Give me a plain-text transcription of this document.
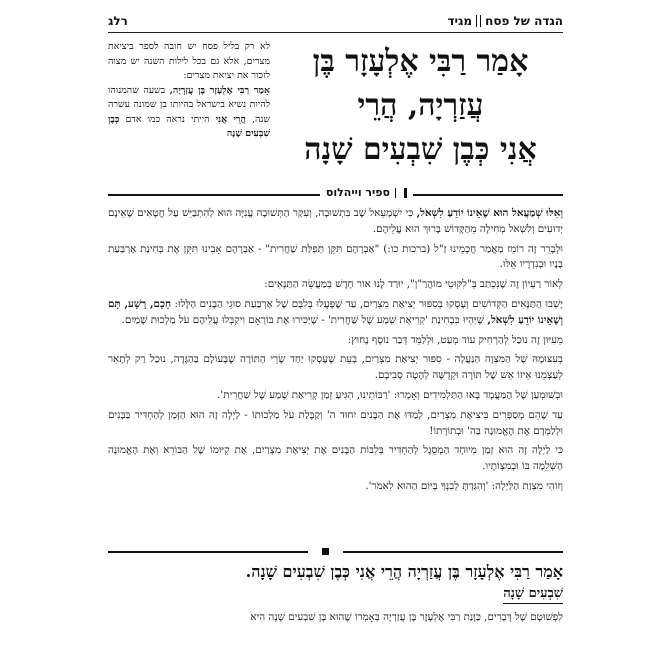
הגדה של פסח
מגיד
רלג
אָמַר רַבִּי אֶלְעָזָר בֶּן
עֲזַרְיָה, הֲרֵי
אֲנִי כְּבֶן שִׁבְעִים שָׁנָה

לא רק בליל פסח יש חובה לספר ביציאת מצרים, אלא גם בכל לילות השנה יש מצוה לזכור את יציאת מצרים:

אָמַר רַבִּי אֶלְעָזָר בֶּן עֲזַרְיָה, בשעה שהמנוהו להיות נשיא בישראל בהיותו בן שמונה עשרה שנה, הֲרֵי אֲנִי הייתי נראה כמו אדם כְּבֶן שִׁבְעִים שָׁנָה

ספיר וייהלוס

וְאִלּוּ שְׁמַעֲאל הוּא שֶׁאֵינוֹ יוֹדֵעַ לִשְׁאֹל, כִּי יִשְׁמָעֵאל שָׁב בִּתְשׁוּבָה, וְעִקַּר הַתְּשׁוּבָה עֲנִיָּה הוּא לְהִתְבַּיֵּשׁ עַל חֲטָאִים שֶׁאֵינָם יְדוּעִים וְלִשְׁאֹל מְחִילָה מֵהַקָּדוֹשׁ בָּרוּךְ הוּא עֲלֵיהֶם.

וּלְבָרֵר זֶה רוֹמֵז מַאֲמַר חֲכָמֵינוּ זַ"ל (ברכות כו:) "אַבְרָהָם תִּקֵּן תְּפִלַּת שַׁחֲרִית" - אַבְרָהָם אָבִינוּ תִּקֵּן אֶת בְּחִינַת אַרְבַּעַת בָּנָיו וּבְנִדְרָיו אֵלּוּ.

לְאוֹר רַעְיוֹן זֶה שֶׁנִּכְתַּב בְּ"לִקּוּטֵי מוֹהֲרַ"ן", יוּרַד לָנוּ אוֹר חָדָשׁ בְּמַעֲשֵׂה הַתַּנָּאִים:

יָשְׁבוּ הַתַּנָּאִים הַקְּדוֹשִׁים וְעָסְקוּ בְּסִפּוּר יְצִיאַת מִצְרַיִם, עַד שֶׁפָּעֲלוּ בְּלִבָּם שֶׁל אַרְבַּעַת סוּגֵי הַבָּנִים הַלָּלוּ: חָכָם, רָשָׁע, תָּם וְשֶׁאֵינוֹ יוֹדֵעַ לִשְׁאֹל, שֶׁיִּהְיוּ בִּבְחִינַת 'קְרִיאַת שְׁמַע שֶׁל שַׁחֲרִית' - שֶׁיַּכִּירוּ אֶת בּוֹרְאָם וִיקַבְּלוּ עֲלֵיהֶם עֹל מַלְכוּת שָׁמַיִם.

מֵעִיּוּן זֶה נוּכַל לְהַרְחִיק עוֹד מְעַט, וּלְלַמֵּד דְּבַר נוֹסָף נֶחוּץ:

בְּעִצּוּמָהּ שֶׁל הַמִּצְוָה הַנַּעֲלָה - סִפּוּר יְצִיאַת מִצְרַיִם, בְּעֵת שֶׁעָסְקוּ יַחַד שָׂרֵי הַתּוֹרָה שֶׁבָּעוֹלָם בַּהַגָּדָה, נוּכַל רַק לְתָאֵר לְעַצְמֵנוּ אֵיזוֹ אֵשׁ שֶׁל תּוֹרָה וּקְדֻשָּׁה לְהָטָה סְבִיבָם.

וּבְשׁוּמְעַן שֶׁל הַמַּעֲמָד בָּאוּ הַתַּלְמִידִים וְאָמְרוּ: 'רַבּוֹתֵינוּ, הִגִּיעַ זְמַן קְרִיאַת שְׁמַע שֶׁל שַׁחֲרִית'.

עַד שֶׁהֵם מְסַפְּרִים בִּיצִיאַת מִצְרַיִם, לְמַדּוּ אֶת הַבָּנִים יִחוּד ה' וְקַבָּלַת עֹל מַלְכוּתוֹ - לַיְלָה זֶה הוּא הַזְּמַן לְהַחְדִּיר בַּבָּנִים וּלְלַמְּדָם אֶת הָאֱמוּנָה בַּה' וּבְתוֹרָתוֹ!

כִּי לַיְלָה זֶה הוּא זְמַן מְיוּחָד הַמְסֻגָּל לְהַחְדִּיר בְּלִבּוֹת הַבָּנִים אֶת יְצִיאַת מִצְרַיִם, אֶת קִיּוּמוֹ שֶׁל הַבּוֹרֵא וְאֶת הָאֱמוּנָה הַשְּׁלֵמָה בּוֹ וּבְמִצְוֹתָיו.

וְזוֹהִי מִצְוַת הַלַּיְלָה: 'וְהִגַּדְתָּ לְבִנְךָ בַּיּוֹם הַהוּא לֵאמֹר'.

אָמַר רַבִּי אֶלְעָזָר בֶּן עֲזַרְיָה הֲרֵי אֲנִי כְּבֶן שִׁבְעִים שָׁנָה.
שִׁבְעִים שָׁנָה
לִפְשׁוּטָם שֶׁל דְּבָרִים, כַּוָּנַת רַבִּי אֶלְעָזָר בֶּן עֲזַרְיָה בְּאָמְרוֹ שֶׁהוּא בֶּן שִׁבְעִים שָׁנָה הִיא
